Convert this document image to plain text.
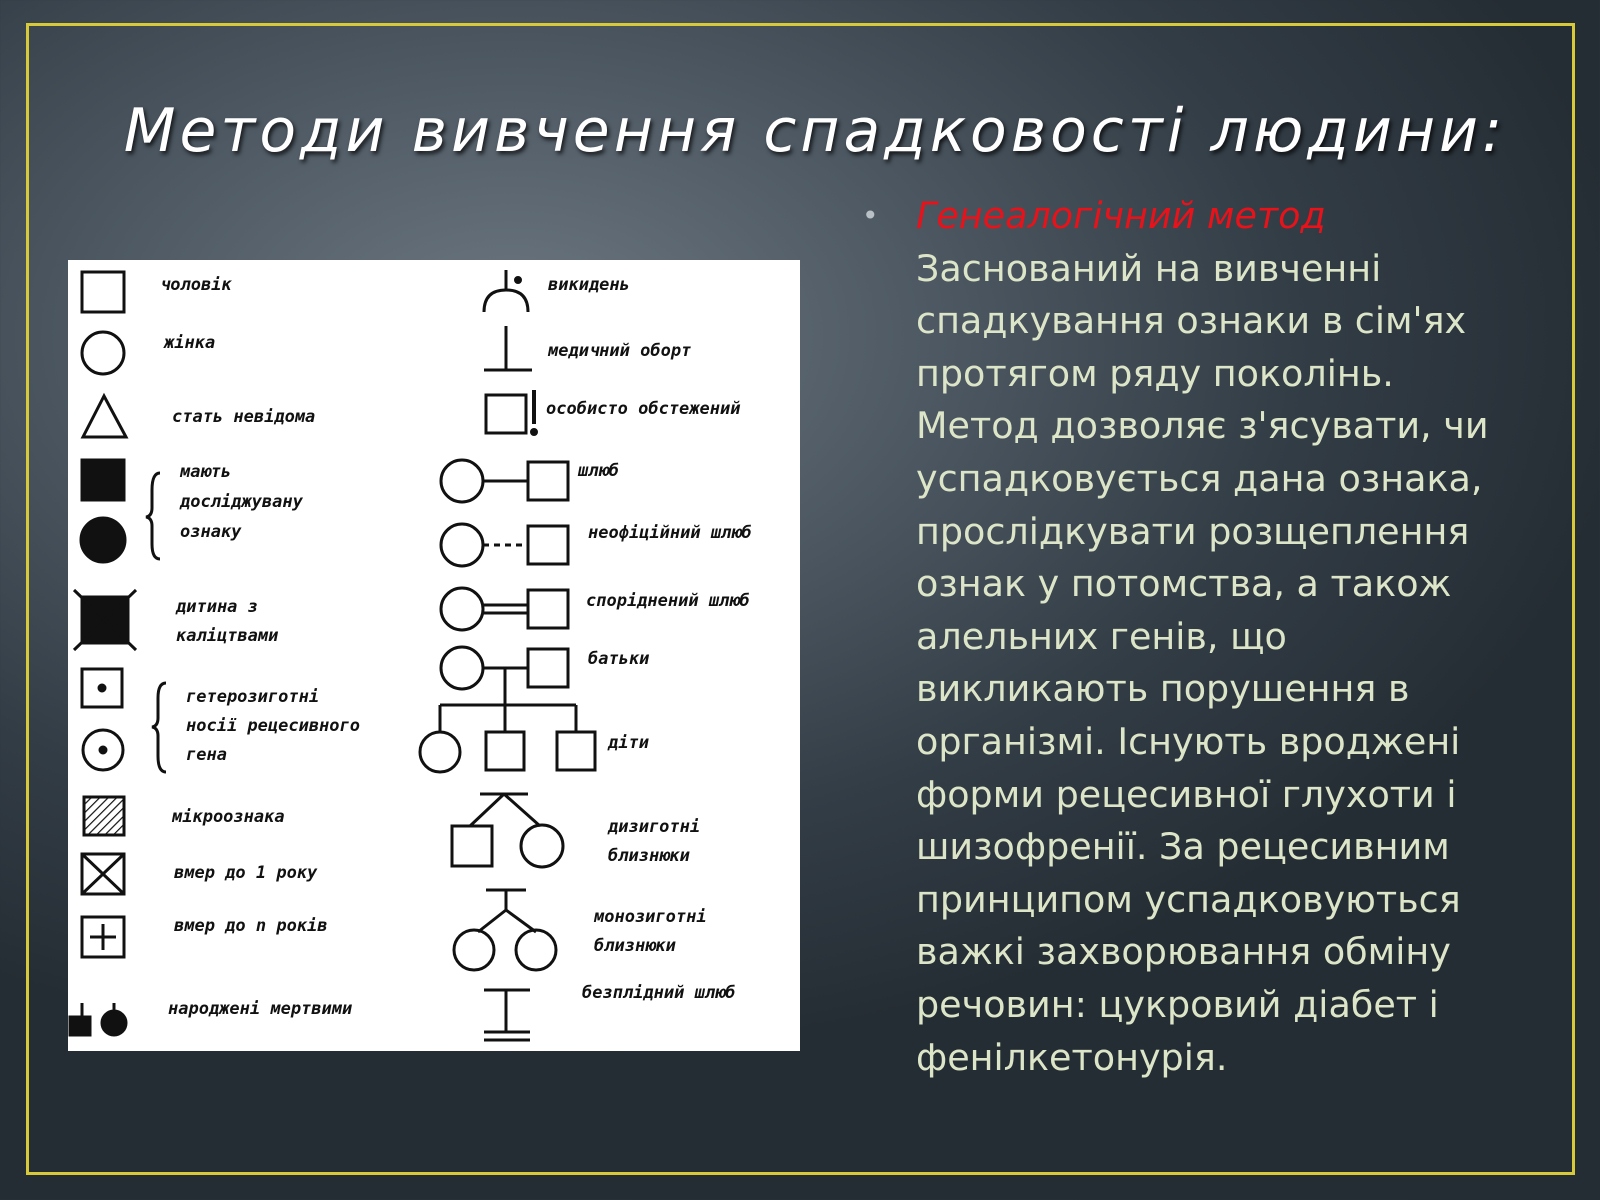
Методи вивчення спадковості людини:
чоловік
жінка
стать невідома
мають
досліджувану
ознаку
дитина з
каліцтвами
гетерозиготні
носії рецесивного
гена
мікроознака
вмер до 1 року
вмер до n років
народжені мертвими
викидень
медичний оборт
особисто обстежений
шлюб
неофіційний шлюб
споріднений шлюб
батьки
діти
дизиготні
близнюки
монозиготні
близнюки
безплідний шлюб
• Генеалогічний метод
Заснований на вивченні спадкування ознаки в сім'ях протягом ряду поколінь. Метод дозволяє з'ясувати, чи успадковується дана ознака, прослідкувати розщеплення ознак у потомства, а також алельних генів, що викликають порушення в організмі. Існують вроджені форми рецесивної глухоти і шизофренії. За рецесивним принципом успадковуються важкі захворювання обміну речовин: цукровий діабет і фенілкетонурія.
